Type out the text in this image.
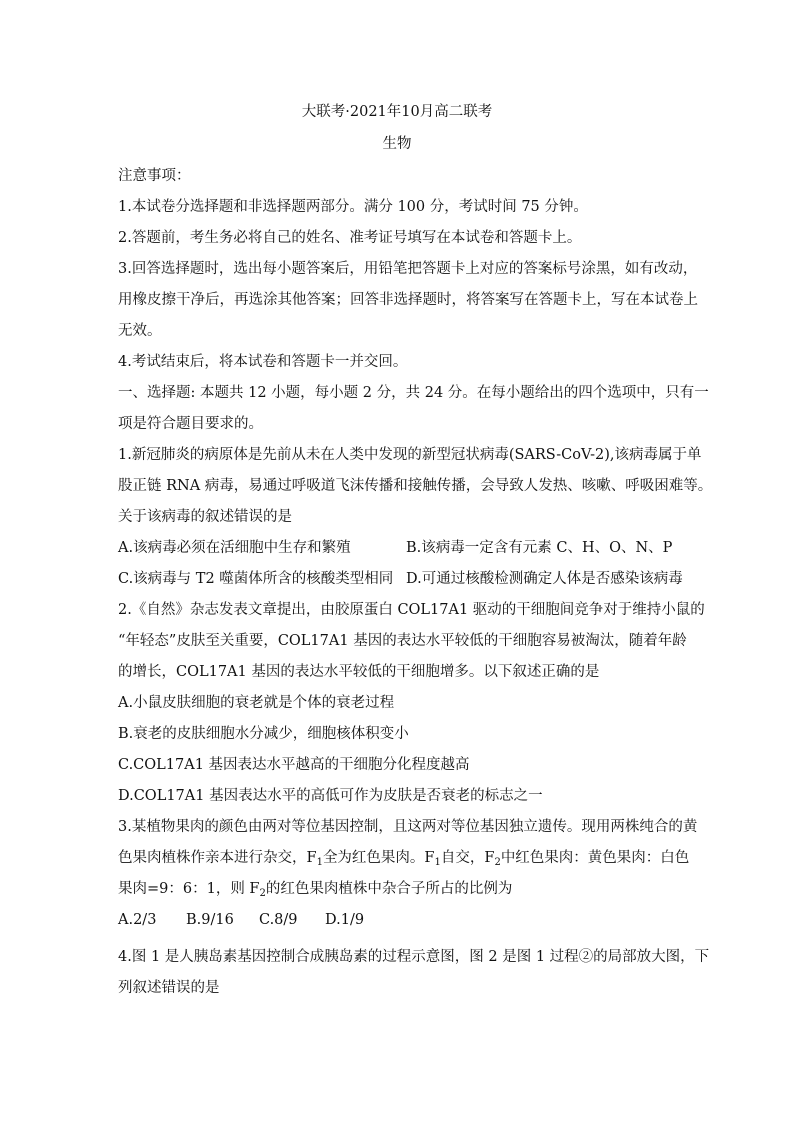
大联考·2021年10月高二联考
生物
注意事项：
1.本试卷分选择题和非选择题两部分。满分 100 分，考试时间 75 分钟。
2.答题前，考生务必将自己的姓名、准考证号填写在本试卷和答题卡上。
3.回答选择题时，选出每小题答案后，用铅笔把答题卡上对应的答案标号涂黑，如有改动，
用橡皮擦干净后，再选涂其他答案；回答非选择题时，将答案写在答题卡上，写在本试卷上
无效。
4.考试结束后，将本试卷和答题卡一并交回。
一、选择题: 本题共 12 小题，每小题 2 分，共 24 分。在每小题给出的四个选项中，只有一
项是符合题目要求的。
1.新冠肺炎的病原体是先前从未在人类中发现的新型冠状病毒(SARS-CoV-2),该病毒属于单
股正链 RNA 病毒，易通过呼吸道飞沫传播和接触传播，会导致人发热、咳嗽、呼吸困难等。
关于该病毒的叙述错误的是
A.该病毒必须在活细胞中生存和繁殖	B.该病毒一定含有元素 C、H、O、N、P
C.该病毒与 T2 噬菌体所含的核酸类型相同 D.可通过核酸检测确定人体是否感染该病毒
2.《自然》杂志发表文章提出，由胶原蛋白 COL17A1 驱动的干细胞间竞争对于维持小鼠的
“年轻态”皮肤至关重要，COL17A1 基因的表达水平较低的干细胞容易被淘汰，随着年龄
的增长，COL17A1 基因的表达水平较低的干细胞增多。以下叙述正确的是
A.小鼠皮肤细胞的衰老就是个体的衰老过程
B.衰老的皮肤细胞水分减少，细胞核体积变小
C.COL17A1 基因表达水平越高的干细胞分化程度越高
D.COL17A1 基因表达水平的高低可作为皮肤是否衰老的标志之一
3.某植物果肉的颜色由两对等位基因控制，且这两对等位基因独立遗传。现用两株纯合的黄
色果肉植株作亲本进行杂交，$F_1$全为红色果肉。$F_1$自交，$F_2$中红色果肉：黄色果肉：白色
果肉=9：6：1，则 $F_2$的红色果肉植株中杂合子所占的比例为
A.2/3 B.9/16 C.8/9 D.1/9
4.图 1 是人胰岛素基因控制合成胰岛素的过程示意图，图 2 是图 1 过程②的局部放大图，下
列叙述错误的是
